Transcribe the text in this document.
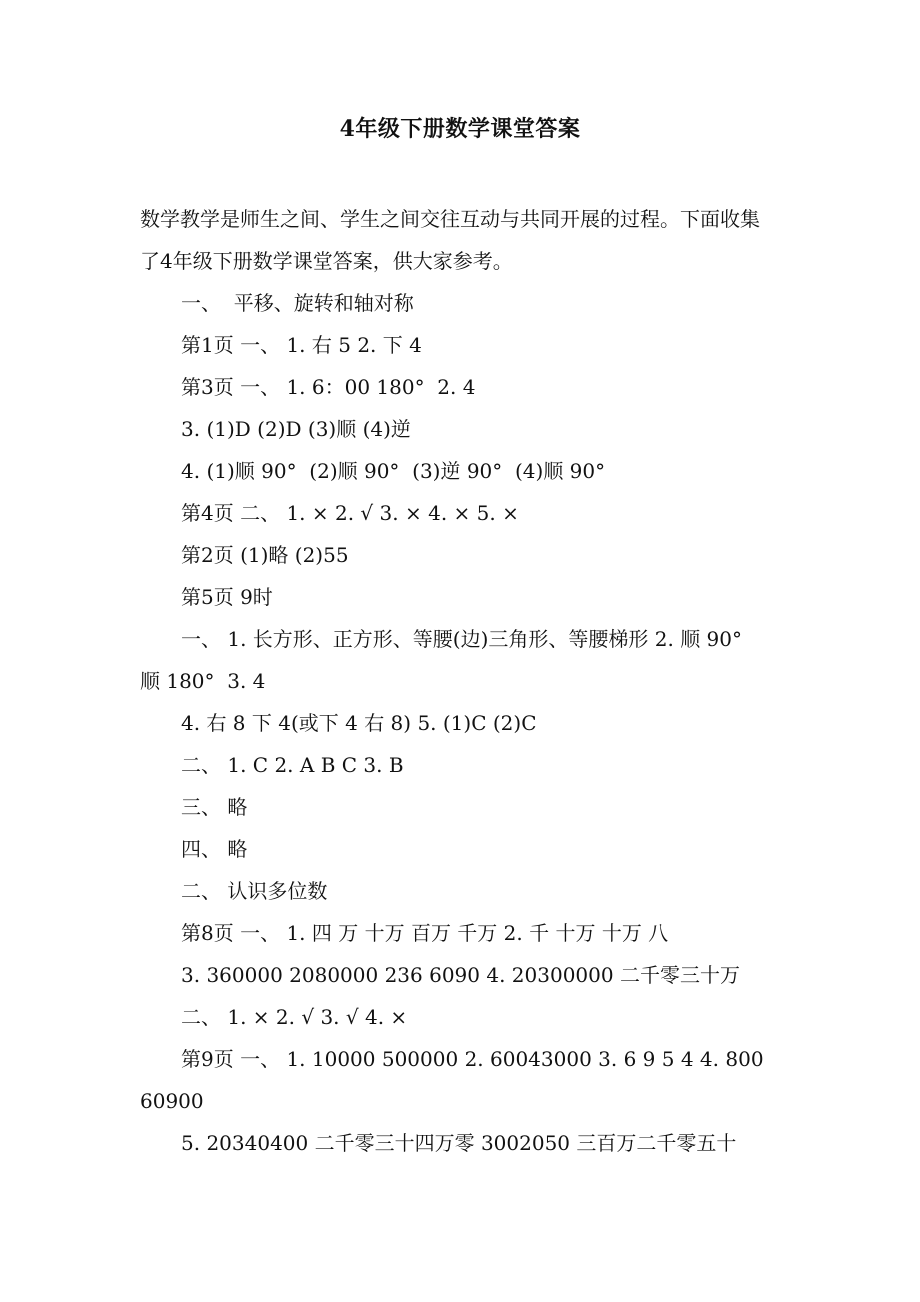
4年级下册数学课堂答案

数学教学是师生之间、学生之间交往互动与共同开展的过程。下面收集了4年级下册数学课堂答案，供大家参考。

一、  平移、旋转和轴对称

第1页 一、 1. 右 5 2. 下 4

第3页 一、 1. 6：00 180°  2. 4

3. (1)D (2)D (3)顺 (4)逆

4. (1)顺 90°  (2)顺 90°  (3)逆 90°  (4)顺 90°

第4页 二、 1. × 2. √ 3. × 4. × 5. ×

第2页 (1)略 (2)55

第5页 9时

一、 1. 长方形、正方形、等腰(边)三角形、等腰梯形 2. 顺 90°  顺 180°  3. 4

4. 右 8 下 4(或下 4 右 8) 5. (1)C (2)C

二、 1. C 2. A B C 3. B

三、 略

四、 略

二、 认识多位数

第8页 一、 1. 四 万 十万 百万 千万 2. 千 十万 十万 八

3. 360000 2080000 236 6090 4. 20300000 二千零三十万

二、 1. × 2. √ 3. √ 4. ×

第9页 一、 1. 10000 500000 2. 60043000 3. 6 9 5 4 4. 80060900

5. 20340400 二千零三十四万零 3002050 三百万二千零五十
